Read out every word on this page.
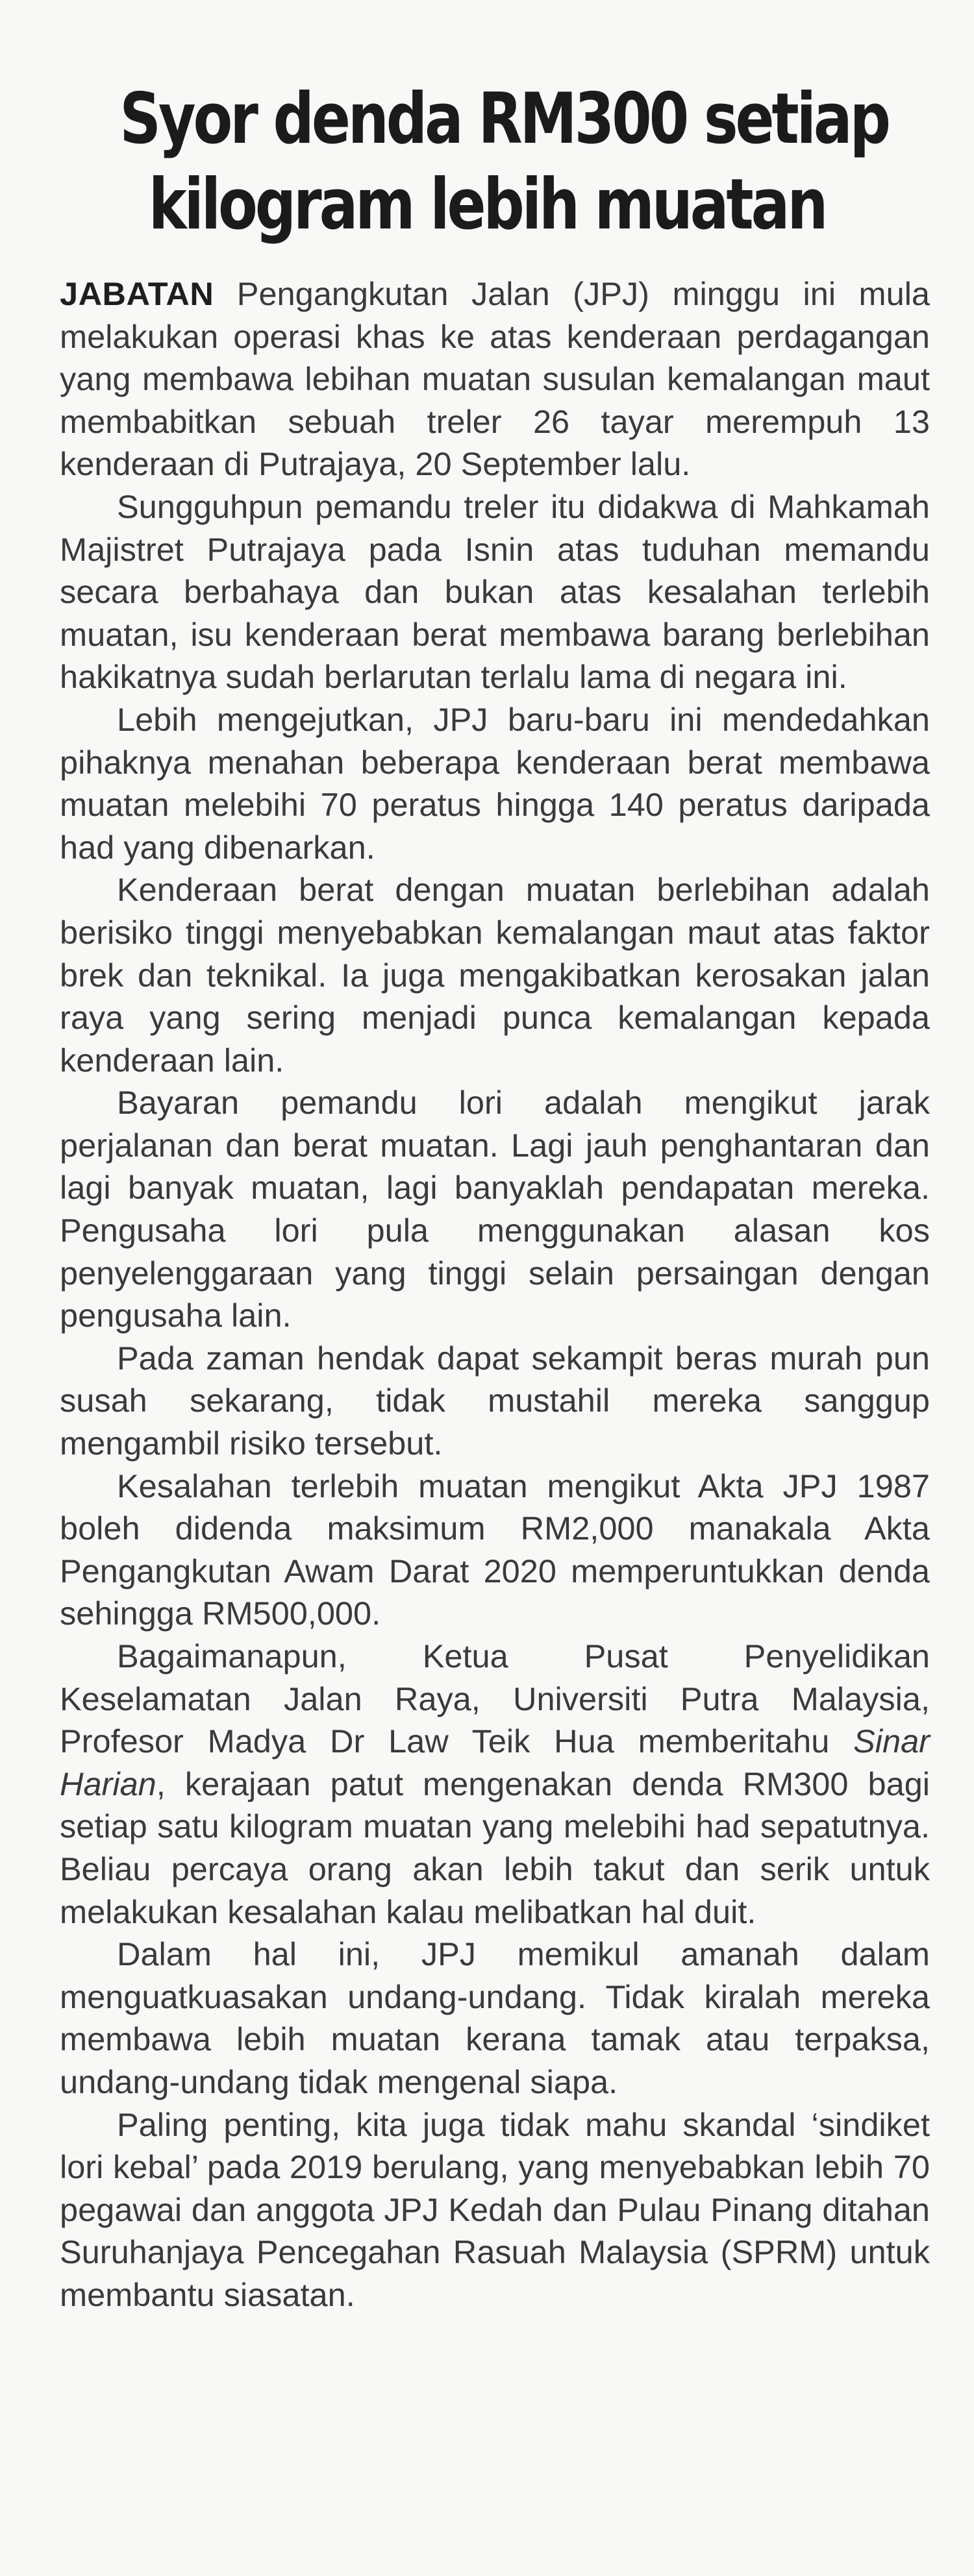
Syor denda RM300 setiap
kilogram lebih muatan

JABATAN Pengangkutan Jalan (JPJ) minggu ini mula melakukan operasi khas ke atas kenderaan perdagangan yang membawa lebihan muatan susulan kemalangan maut membabitkan sebuah treler 26 tayar merempuh 13 kenderaan di Putrajaya, 20 September lalu.

Sungguhpun pemandu treler itu didakwa di Mahkamah Majistret Putrajaya pada Isnin atas tuduhan memandu secara berbahaya dan bukan atas kesalahan terlebih muatan, isu kenderaan berat membawa barang berlebihan hakikatnya sudah berlarutan terlalu lama di negara ini.

Lebih mengejutkan, JPJ baru-baru ini mendedahkan pihaknya menahan beberapa kenderaan berat membawa muatan melebihi 70 peratus hingga 140 peratus daripada had yang dibenarkan.

Kenderaan berat dengan muatan berlebihan adalah berisiko tinggi menyebabkan kemalangan maut atas faktor brek dan teknikal. Ia juga mengakibatkan kerosakan jalan raya yang sering menjadi punca kemalangan kepada kenderaan lain.

Bayaran pemandu lori adalah mengikut jarak perjalanan dan berat muatan. Lagi jauh penghantaran dan lagi banyak muatan, lagi banyaklah pendapatan mereka. Pengusaha lori pula menggunakan alasan kos penyelenggaraan yang tinggi selain persaingan dengan pengusaha lain.

Pada zaman hendak dapat sekampit beras murah pun susah sekarang, tidak mustahil mereka sanggup mengambil risiko tersebut.

Kesalahan terlebih muatan mengikut Akta JPJ 1987 boleh didenda maksimum RM2,000 manakala Akta Pengangkutan Awam Darat 2020 memperuntukkan denda sehingga RM500,000.

Bagaimanapun, Ketua Pusat Penyelidikan Keselamatan Jalan Raya, Universiti Putra Malaysia, Profesor Madya Dr Law Teik Hua memberitahu Sinar Harian, kerajaan patut mengenakan denda RM300 bagi setiap satu kilogram muatan yang melebihi had sepatutnya. Beliau percaya orang akan lebih takut dan serik untuk melakukan kesalahan kalau melibatkan hal duit.

Dalam hal ini, JPJ memikul amanah dalam menguatkuasakan undang-undang. Tidak kiralah mereka membawa lebih muatan kerana tamak atau terpaksa, undang-undang tidak mengenal siapa.

Paling penting, kita juga tidak mahu skandal ‘sindiket lori kebal’ pada 2019 berulang, yang menyebabkan lebih 70 pegawai dan anggota JPJ Kedah dan Pulau Pinang ditahan Suruhanjaya Pencegahan Rasuah Malaysia (SPRM) untuk membantu siasatan.
